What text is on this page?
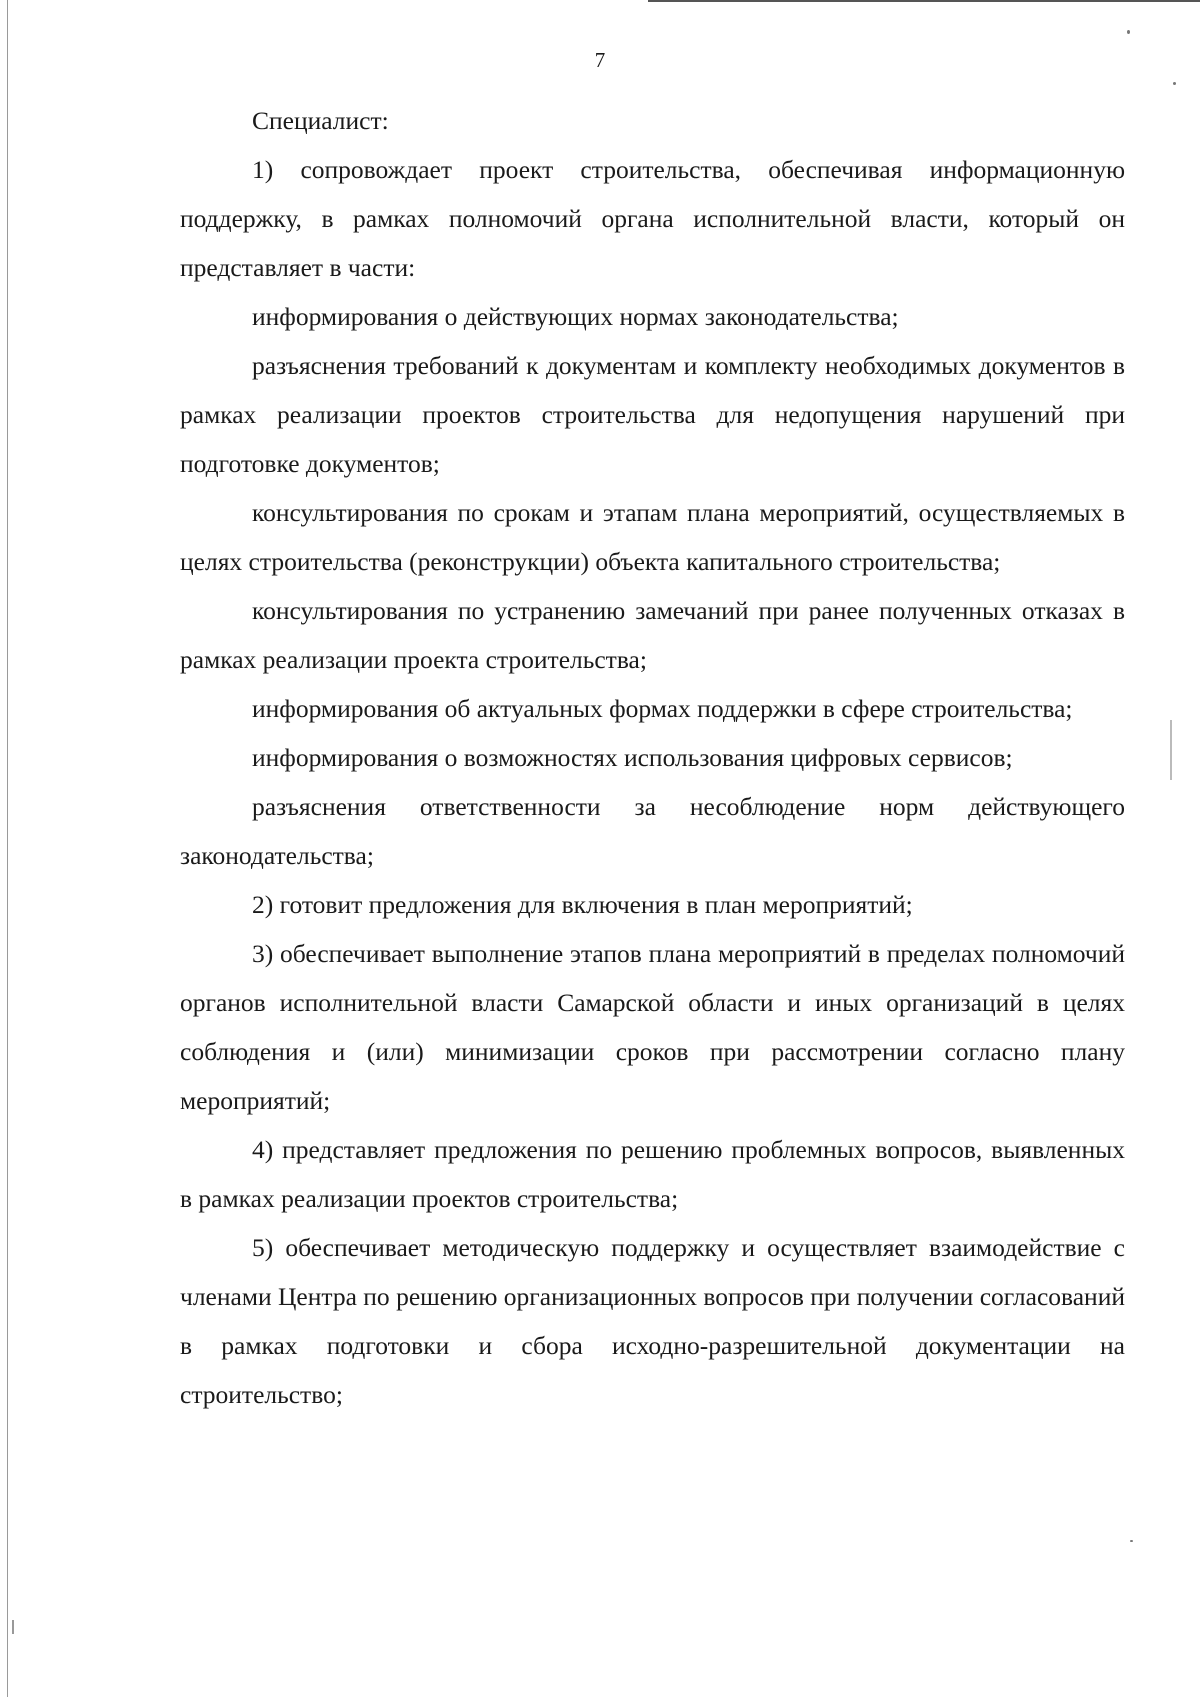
7

Специалист:

1) сопровождает проект строительства, обеспечивая информационную поддержку, в рамках полномочий органа исполнительной власти, который он представляет в части:

информирования о действующих нормах законодательства;

разъяснения требований к документам и комплекту необходимых документов в рамках реализации проектов строительства для недопущения нарушений при подготовке документов;

консультирования по срокам и этапам плана мероприятий, осуществляемых в целях строительства (реконструкции) объекта капитального строительства;

консультирования по устранению замечаний при ранее полученных отказах в рамках реализации проекта строительства;

информирования об актуальных формах поддержки в сфере строительства;

информирования о возможностях использования цифровых сервисов;

разъяснения ответственности за несоблюдение норм действующего законодательства;

2) готовит предложения для включения в план мероприятий;

3) обеспечивает выполнение этапов плана мероприятий в пределах полномочий органов исполнительной власти Самарской области и иных организаций в целях соблюдения и (или) минимизации сроков при рассмотрении согласно плану мероприятий;

4) представляет предложения по решению проблемных вопросов, выявленных в рамках реализации проектов строительства;

5) обеспечивает методическую поддержку и осуществляет взаимодействие с членами Центра по решению организационных вопросов при получении согласований в рамках подготовки и сбора исходно-разрешительной документации на строительство;
